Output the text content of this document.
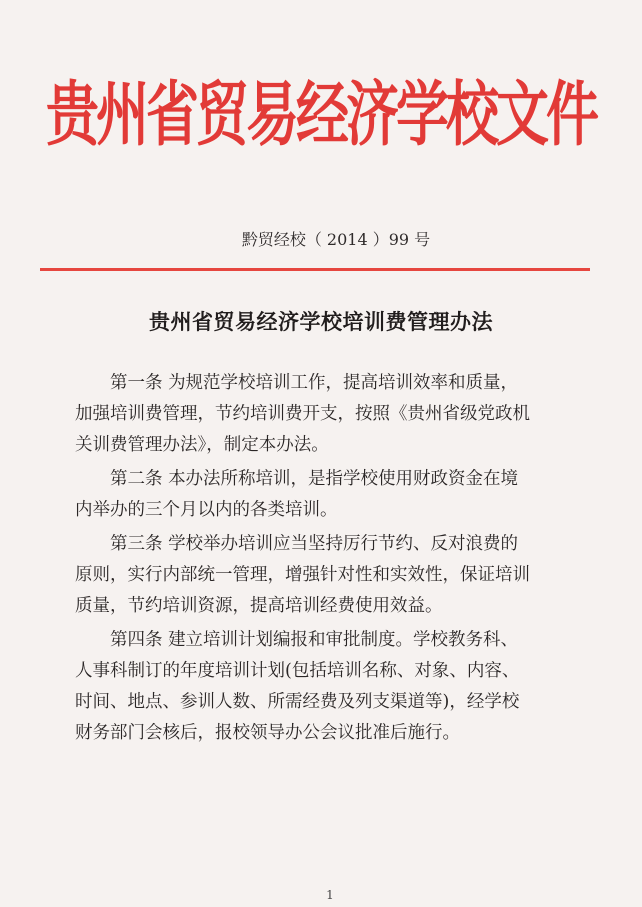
贵州省贸易经济学校文件
黔贸经校（ 2014 ）99 号
贵州省贸易经济学校培训费管理办法
第一条 为规范学校培训工作，提高培训效率和质量，
加强培训费管理，节约培训费开支，按照《贵州省级党政机
关训费管理办法》，制定本办法。
第二条 本办法所称培训，是指学校使用财政资金在境
内举办的三个月以内的各类培训。
第三条 学校举办培训应当坚持厉行节约、反对浪费的
原则，实行内部统一管理，增强针对性和实效性，保证培训
质量，节约培训资源，提高培训经费使用效益。
第四条 建立培训计划编报和审批制度。学校教务科、
人事科制订的年度培训计划(包括培训名称、对象、内容、
时间、地点、参训人数、所需经费及列支渠道等)，经学校
财务部门会核后，报校领导办公会议批准后施行。
1
